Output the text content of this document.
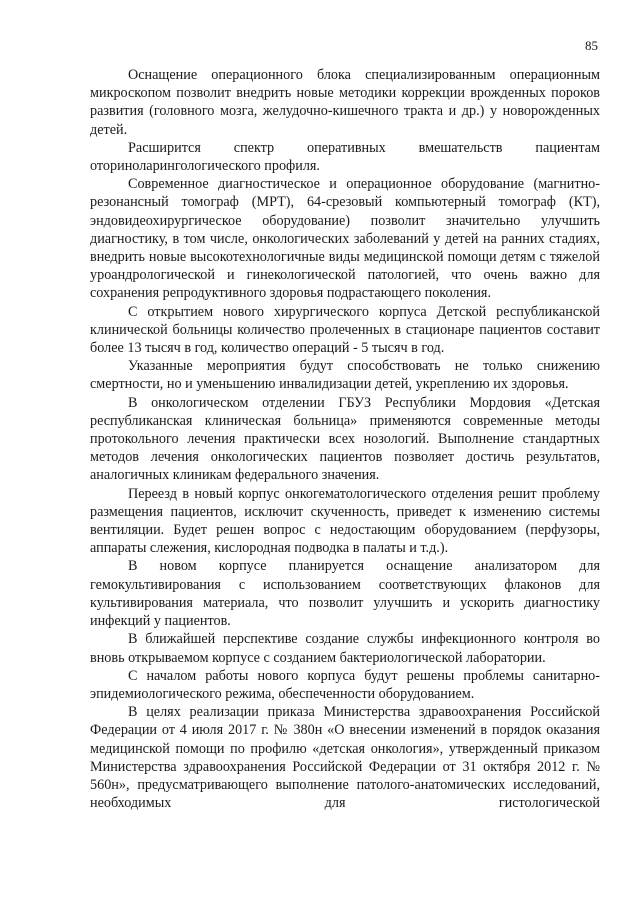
85

Оснащение операционного блока специализированным операционным микроскопом позволит внедрить новые методики коррекции врожденных пороков развития (головного мозга, желудочно-кишечного тракта и др.) у новорожденных детей.

Расширится спектр оперативных вмешательств пациентам оториноларингологического профиля.

Современное диагностическое и операционное оборудование (магнитно-резонансный томограф (МРТ), 64-срезовый компьютерный томограф (КТ), эндовидеохирургическое оборудование) позволит значительно улучшить диагностику, в том числе, онкологических заболеваний у детей на ранних стадиях, внедрить новые высокотехнологичные виды медицинской помощи детям с тяжелой уроандрологической и гинекологической патологией, что очень важно для сохранения репродуктивного здоровья подрастающего поколения.

С открытием нового хирургического корпуса Детской республиканской клинической больницы количество пролеченных в стационаре пациентов составит более 13 тысяч в год, количество операций - 5 тысяч в год.

Указанные мероприятия будут способствовать не только снижению смертности, но и уменьшению инвалидизации детей, укреплению их здоровья.

В онкологическом отделении ГБУЗ Республики Мордовия «Детская республиканская клиническая больница» применяются современные методы протокольного лечения практически всех нозологий. Выполнение стандартных методов лечения онкологических пациентов позволяет достичь результатов, аналогичных клиникам федерального значения.

Переезд в новый корпус онкогематологического отделения решит проблему размещения пациентов, исключит скученность, приведет к изменению системы вентиляции. Будет решен вопрос с недостающим оборудованием (перфузоры, аппараты слежения, кислородная подводка в палаты и т.д.).

В новом корпусе планируется оснащение анализатором для гемокультивирования с использованием соответствующих флаконов для культивирования материала, что позволит улучшить и ускорить диагностику инфекций у пациентов.

В ближайшей перспективе создание службы инфекционного контроля во вновь открываемом корпусе с созданием бактериологической лаборатории.

С началом работы нового корпуса будут решены проблемы санитарно-эпидемиологического режима, обеспеченности оборудованием.

В целях реализации приказа Министерства здравоохранения Российской Федерации от 4 июля 2017 г. № 380н «О внесении изменений в порядок оказания медицинской помощи по профилю «детская онкология», утвержденный приказом Министерства здравоохранения Российской Федерации от 31 октября 2012 г. № 560н», предусматривающего выполнение патолого-анатомических исследований, необходимых для гистологической
